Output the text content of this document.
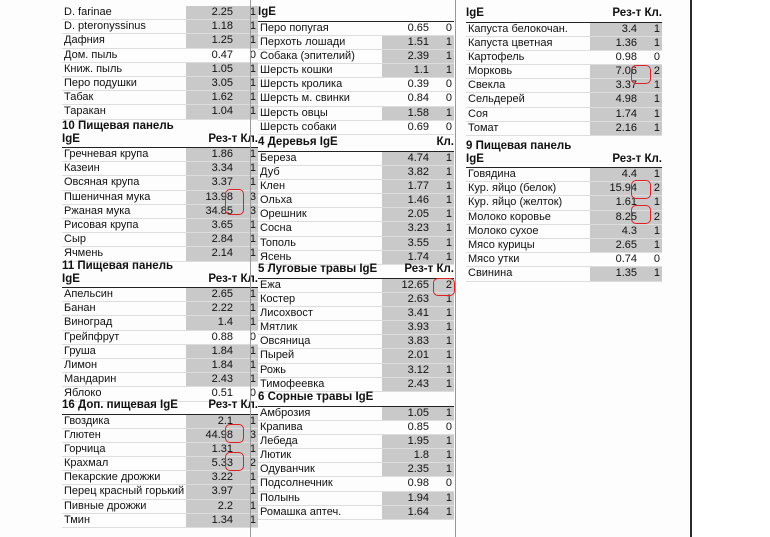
D. farinae	2.25	1
D. pteronyssinus	1.18	1
Дафния	1.25	1
Дом. пыль	0.47	0
Книж. пыль	1.05	1
Перо подушки	3.05	1
Табак	1.62	1
Таракан	1.04	1
10 Пищевая панель
IgE	Рез-т Кл.
Гречневая крупа	1.86	1
Казеин	3.34	1
Овсяная крупа	3.37	1
Пшеничная мука	13.98	3
Ржаная мука	34.85	3
Рисовая крупа	3.65	1
Сыр	2.84	1
Ячмень	2.14	1
11 Пищевая панель
IgE	Рез-т Кл.
Апельсин	2.65	1
Банан	2.22	1
Виноград	1.4	1
Грейпфрут	0.88	0
Груша	1.84	1
Лимон	1.84	1
Мандарин	2.43	1
Яблоко	0.51	0
16 Доп. пищевая IgE	Рез-т Кл.
Гвоздика	2.1	1
Глютен	44.98	3
Горчица	1.31	1
Крахмал	5.33	2
Пекарские дрожжи	3.22	1
Перец красный горький	3.97	1
Пивные дрожжи	2.2	1
Тмин	1.34	1
IgE
Перо попугая	0.65	0
Перхоть лошади	1.51	1
Собака (эпителий)	2.39	1
Шерсть кошки	1.1	1
Шерсть кролика	0.39	0
Шерсть м. свинки	0.84	0
Шерсть овцы	1.58	1
Шерсть собаки	0.69	0
4 Деревья IgE	Кл.
Береза	4.74	1
Дуб	3.82	1
Клен	1.77	1
Ольха	1.46	1
Орешник	2.05	1
Сосна	3.23	1
Тополь	3.55	1
Ясень	1.74	1
5 Луговые травы IgE	Рез-т Кл.
Ежа	12.65	2
Костер	2.63	1
Лисохвост	3.41	1
Мятлик	3.93	1
Овсяница	3.83	1
Пырей	2.01	1
Рожь	3.12	1
Тимофеевка	2.43	1
6 Сорные травы IgE
Амброзия	1.05	1
Крапива	0.85	0
Лебеда	1.95	1
Лютик	1.8	1
Одуванчик	2.35	1
Подсолнечник	0.98	0
Полынь	1.94	1
Ромашка аптеч.	1.64	1
IgE	Рез-т Кл.
Капуста белокочан.	3.4	1
Капуста цветная	1.36	1
Картофель	0.98	0
Морковь	7.06	2
Свекла	3.37	1
Сельдерей	4.98	1
Соя	1.74	1
Томат	2.16	1
9 Пищевая панель
IgE	Рез-т Кл.
Говядина	4.4	1
Кур. яйцо (белок)	15.94	2
Кур. яйцо (желток)	1.61	1
Молоко коровье	8.25	2
Молоко сухое	4.3	1
Мясо курицы	2.65	1
Мясо утки	0.74	0
Свинина	1.35	1
